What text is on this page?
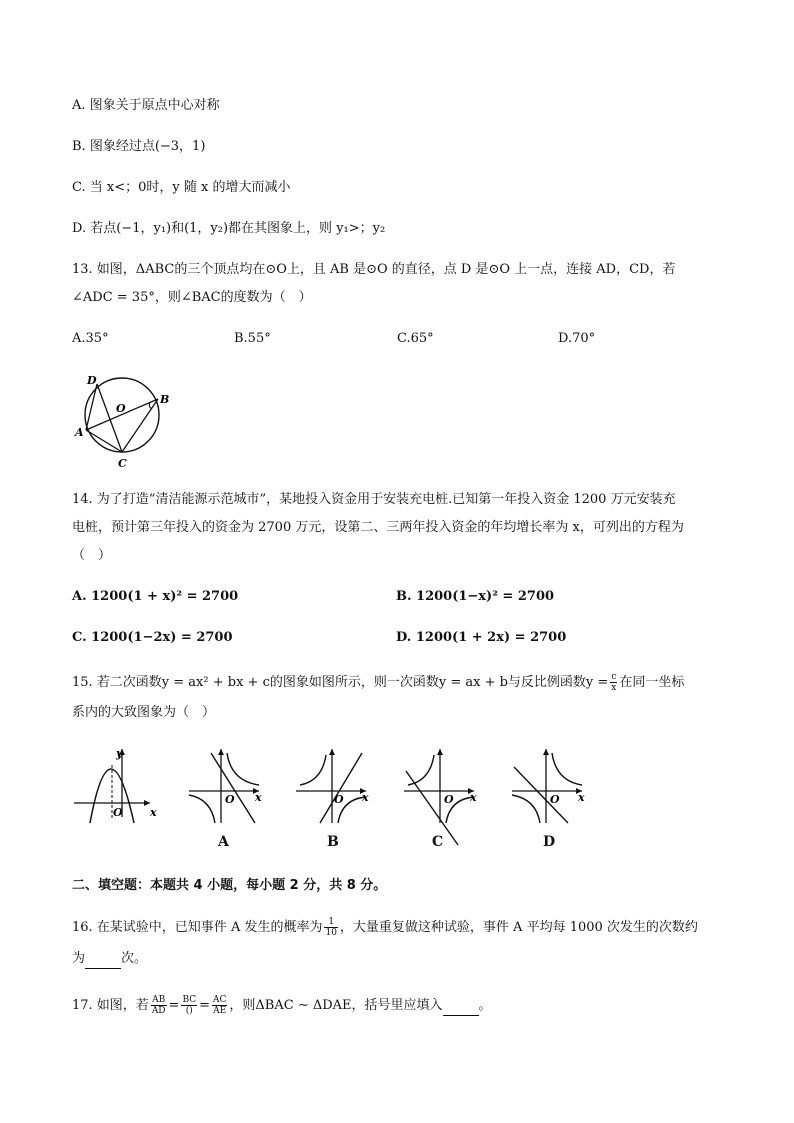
A. 图象关于原点中心对称
B. 图象经过点(−3，1)
C. 当 x<；0时，y 随 x 的增大而减小
D. 若点(−1，y₁)和(1，y₂)都在其图象上，则 y₁>；y₂
13. 如图，ΔABC的三个顶点均在⊙O上，且 AB 是⊙O 的直径，点 D 是⊙O 上一点，连接 AD，CD，若
∠ADC = 35°，则∠BAC的度数为（　）
A.35°	B.55°	C.65°	D.70°
D
O
B
A
C
14. 为了打造“清洁能源示范城市”，某地投入资金用于安装充电桩.已知第一年投入资金 1200 万元安装充
电桩，预计第三年投入的资金为 2700 万元，设第二、三两年投入资金的年均增长率为 x，可列出的方程为
（　）
A. 1200(1 + x)² = 2700	B. 1200(1−x)² = 2700
C. 1200(1−2x) = 2700	D. 1200(1 + 2x) = 2700
15. 若二次函数y = ax² + bx + c的图象如图所示，则一次函数y = ax + b与反比例函数$y = \frac{c}{x}$ 在同一坐标
系内的大致图象为（　）
y
O x
O x
A
O x
B
O x
C
O x
D
二、填空题：本题共 4 小题，每小题 2 分，共 8 分。
16. 在某试验中，已知事件 A 发生的概率为 $\frac{1}{10}$ ，大量重复做这种试验，事件 A 平均每 1000 次发生的次数约
为	次。
17. 如图，若 $\frac{AB}{AD} = \frac{BC}{()} = \frac{AC}{AE}$ ，则ΔBAC ∼ ΔDAE，括号里应填入	。
